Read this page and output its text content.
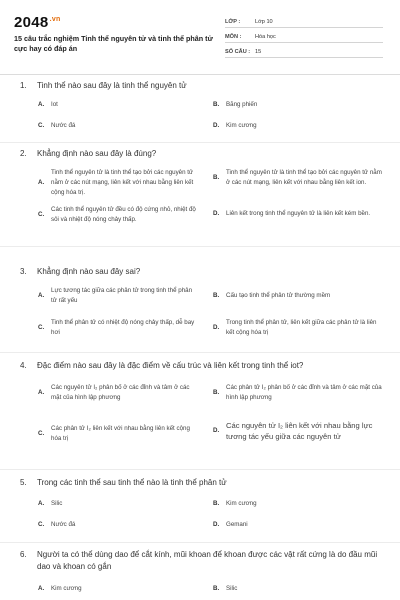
$2048^{.vn}$
15 câu trắc nghiệm Tinh thể nguyên tử và tinh thể phân tử cực hay có đáp án
LỚP :	Lớp 10
MÔN :	Hóa học
SỐ CÂU : 15
1. Tinh thể nào sau đây là tinh thể nguyên tử
A.	Iot	B.	Băng phiến
C.	Nước đá	D.	Kim cương
2. Khẳng định nào sau đây là đúng?
A.
Tinh thể nguyên tử là tinh thể tạo bởi các nguyên tử nằm ở các nút mạng, liên kết với nhau bằng liên kết cộng hóa trị.
B.
Tinh thể nguyên tử là tinh thể tạo bởi các nguyên tử nằm ở các nút mạng, liên kết với nhau bằng liên kết ion.
C.
Các tinh thể nguyên tử đều có độ cứng nhỏ, nhiệt độ sôi và nhiệt độ nóng chảy thấp.
D.	Liên kết trong tinh thể nguyên tử là liên kết kém bền.
3. Khẳng định nào sau đây sai?
A.
Lực tương tác giữa các phân tử trong tinh thể phân tử rất yếu
B.	Cấu tạo tinh thể phân tử thường mềm
C.
Tinh thể phân tử có nhiệt độ nóng chảy thấp, dễ bay hơi
D.
Trong tinh thể phân tử, liên kết giữa các phân tử là liên kết cộng hóa trị
4. Đặc điểm nào sau đây là đặc điểm về cấu trúc và liên kết trong tinh thể iot?
A.
Các nguyên tử I₂ phân bố ở các đỉnh và tâm ở các mặt của hình lập phương
B.
Các phân tử I₂ phân bố ở các đỉnh và tâm ở các mặt của hình lập phương
C.
Các phân tử I₂ liên kết với nhau bằng liên kết cộng hóa trị
D.
Các nguyên tử I₂ liên kết với nhau bằng lực tương tác yếu giữa các nguyên tử
5. Trong các tinh thể sau tinh thể nào là tinh thể phân tử
A.	Silic	B.	Kim cương
C.	Nước đá	D.	Gemani
6.	Người ta có thể dùng dao để cắt kính, mũi khoan để khoan được các vật rất cứng là do đầu mũi dao và khoan có gắn
A.	Kim cương	B.	Silic
